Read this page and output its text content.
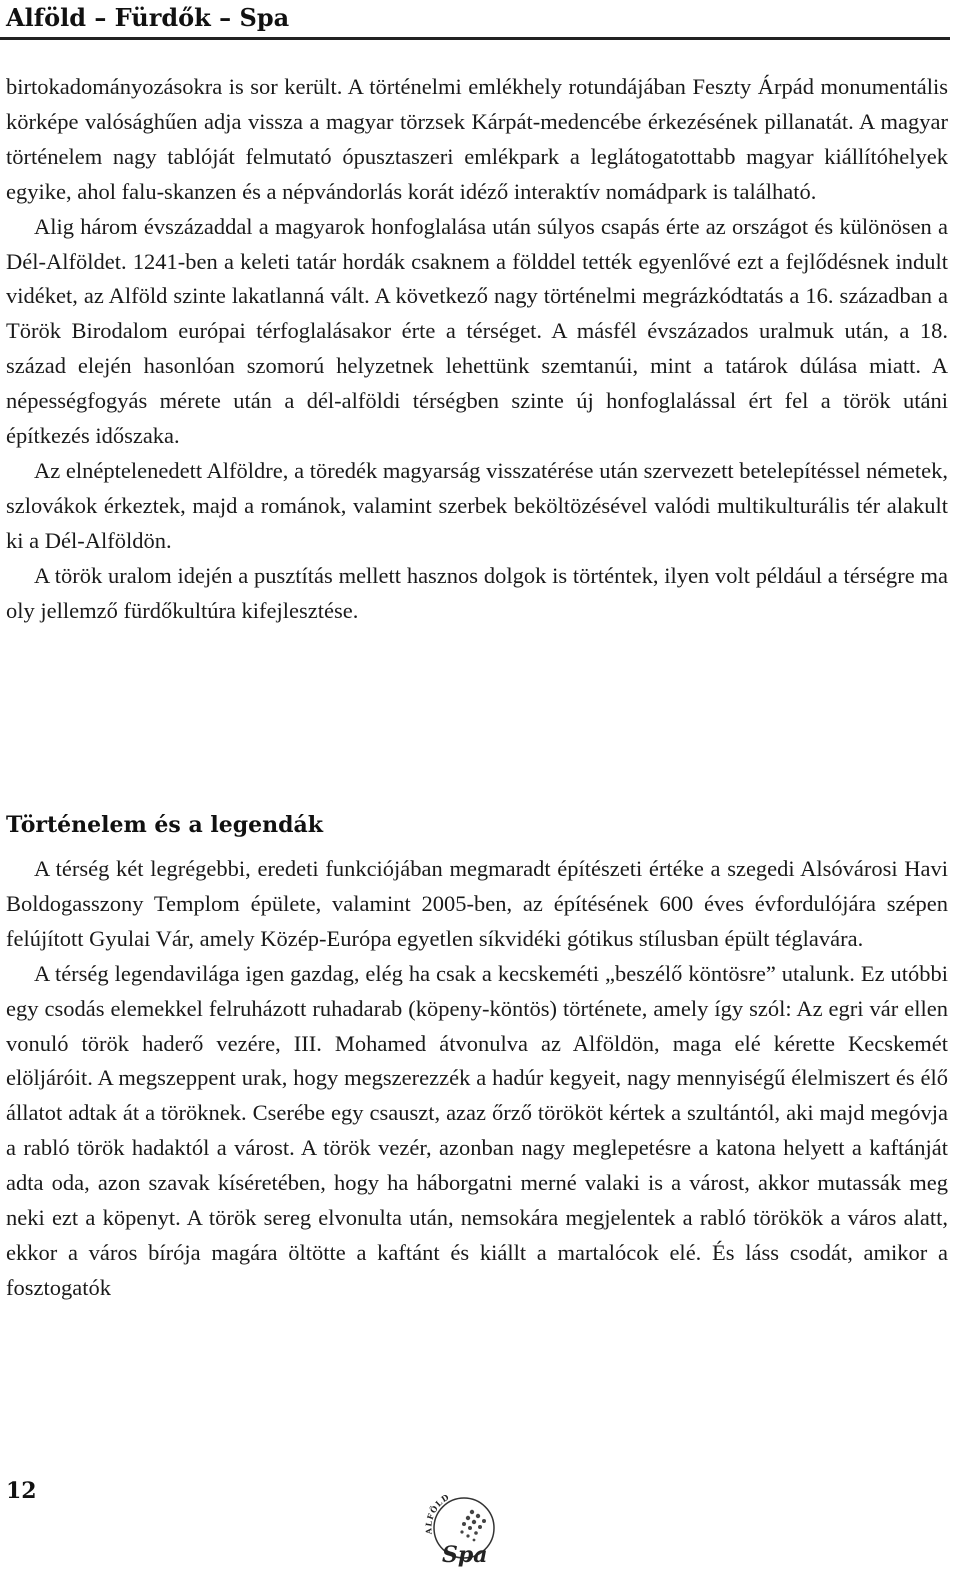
Alföld – Fürdők – Spa

birtokadományozásokra is sor került. A történelmi emlékhely rotundájában Feszty Árpád monumentális körképe valósághűen adja vissza a magyar törzsek Kárpát-medencébe érkezésének pillanatát. A magyar történelem nagy tablóját felmutató ópusztaszeri emlékpark a leglátogatottabb magyar kiállítóhelyek egyike, ahol falu-skanzen és a népvándorlás korát idéző interaktív nomádpark is található.

Alig három évszázaddal a magyarok honfoglalása után súlyos csapás érte az országot és különösen a Dél-Alföldet. 1241-ben a keleti tatár hordák csaknem a földdel tették egyenlővé ezt a fejlődésnek indult vidéket, az Alföld szinte lakatlanná vált. A következő nagy történelmi megrázkódtatás a 16. században a Török Birodalom európai térfoglalásakor érte a térséget. A másfél évszázados uralmuk után, a 18. század elején hasonlóan szomorú helyzetnek lehettünk szemtanúi, mint a tatárok dúlása miatt. A népességfogyás mérete után a dél-alföldi térségben szinte új honfoglalással ért fel a török utáni építkezés időszaka.

Az elnéptelenedett Alföldre, a töredék magyarság visszatérése után szervezett betelepítéssel németek, szlovákok érkeztek, majd a románok, valamint szerbek beköltözésével valódi multikulturális tér alakult ki a Dél-Alföldön.

A török uralom idején a pusztítás mellett hasznos dolgok is történtek, ilyen volt például a térségre ma oly jellemző fürdőkultúra kifejlesztése.

Történelem és a legendák

A térség két legrégebbi, eredeti funkciójában megmaradt építészeti értéke a szegedi Alsóvárosi Havi Boldogasszony Templom épülete, valamint 2005-ben, az építésének 600 éves évfordulójára szépen felújított Gyulai Vár, amely Közép-Európa egyetlen síkvidéki gótikus stílusban épült téglavára.

A térség legendavilága igen gazdag, elég ha csak a kecskeméti „beszélő köntösre” utalunk. Ez utóbbi egy csodás elemekkel felruházott ruhadarab (köpeny-köntös) története, amely így szól: Az egri vár ellen vonuló török haderő vezére, III. Mohamed átvonulva az Alföldön, maga elé kérette Kecskemét elöljáróit. A megszeppent urak, hogy megszerezzék a hadúr kegyeit, nagy mennyiségű élelmiszert és élő állatot adtak át a töröknek. Cserébe egy csauszt, azaz őrző törököt kértek a szultántól, aki majd megóvja a rabló török hadaktól a várost. A török vezér, azonban nagy meglepetésre a katona helyett a kaftánját adta oda, azon szavak kíséretében, hogy ha háborgatni merné valaki is a várost, akkor mutassák meg neki ezt a köpenyt. A török sereg elvonulta után, nemsokára megjelentek a rabló törökök a város alatt, ekkor a város bírója magára öltötte a kaftánt és kiállt a martalócok elé. És láss csodát, amikor a fosztogatók

12
ALFÖLD
Spa
